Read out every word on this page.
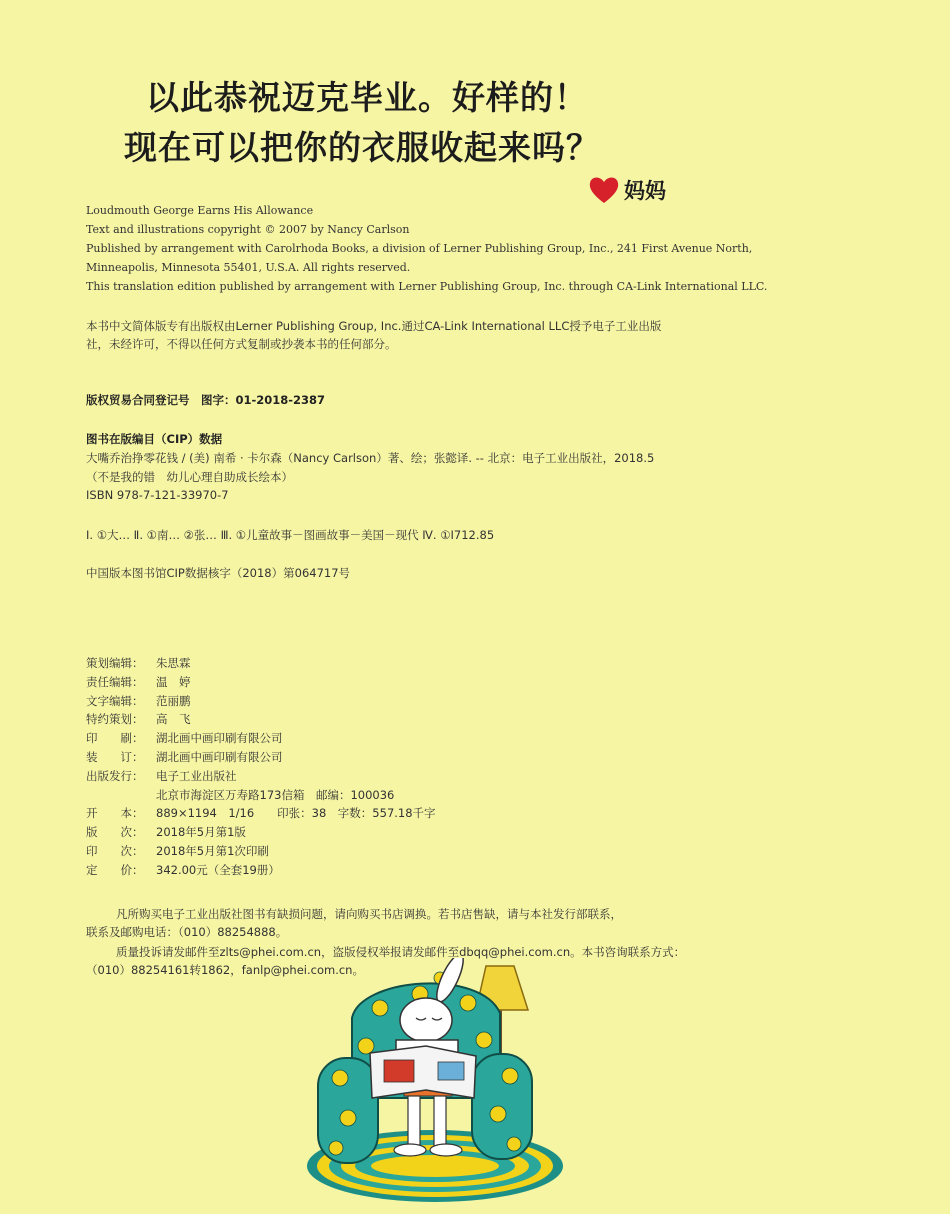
以此恭祝迈克毕业。好样的！
现在可以把你的衣服收起来吗？
妈妈
Loudmouth George Earns His Allowance
Text and illustrations copyright © 2007 by Nancy Carlson
Published by arrangement with Carolrhoda Books, a division of Lerner Publishing Group, Inc., 241 First Avenue North,
Minneapolis, Minnesota 55401, U.S.A. All rights reserved.
This translation edition published by arrangement with Lerner Publishing Group, Inc. through CA-Link International LLC.
本书中文简体版专有出版权由Lerner Publishing Group, Inc.通过CA-Link International LLC授予电子工业出版
社，未经许可，不得以任何方式复制或抄袭本书的任何部分。
版权贸易合同登记号　图字：01-2018-2387
图书在版编目（CIP）数据
大嘴乔治挣零花钱 / (美) 南希 · 卡尔森（Nancy Carlson）著、绘；张懿译. -- 北京：电子工业出版社，2018.5
（不是我的错　幼儿心理自助成长绘本）
ISBN 978-7-121-33970-7
Ⅰ. ①大… Ⅱ. ①南… ②张… Ⅲ. ①儿童故事－图画故事－美国－现代 Ⅳ. ①I712.85
中国版本图书馆CIP数据核字（2018）第064717号
策划编辑：	朱思霖
责任编辑：	温　婷
文字编辑：	范丽鹏
特约策划：	高　飞
印　　刷：	湖北画中画印刷有限公司
装　　订：	湖北画中画印刷有限公司
出版发行：	电子工业出版社
北京市海淀区万寿路173信箱　邮编：100036
开　　本：	889×1194　1/16　　印张：38　字数：557.18千字
版　　次：	2018年5月第1版
印　　次：	2018年5月第1次印刷
定　　价：	342.00元（全套19册）
凡所购买电子工业出版社图书有缺损问题，请向购买书店调换。若书店售缺，请与本社发行部联系，
联系及邮购电话：（010）88254888。
质量投诉请发邮件至zlts@phei.com.cn，盗版侵权举报请发邮件至dbqq@phei.com.cn。本书咨询联系方式：
（010）88254161转1862，fanlp@phei.com.cn。
